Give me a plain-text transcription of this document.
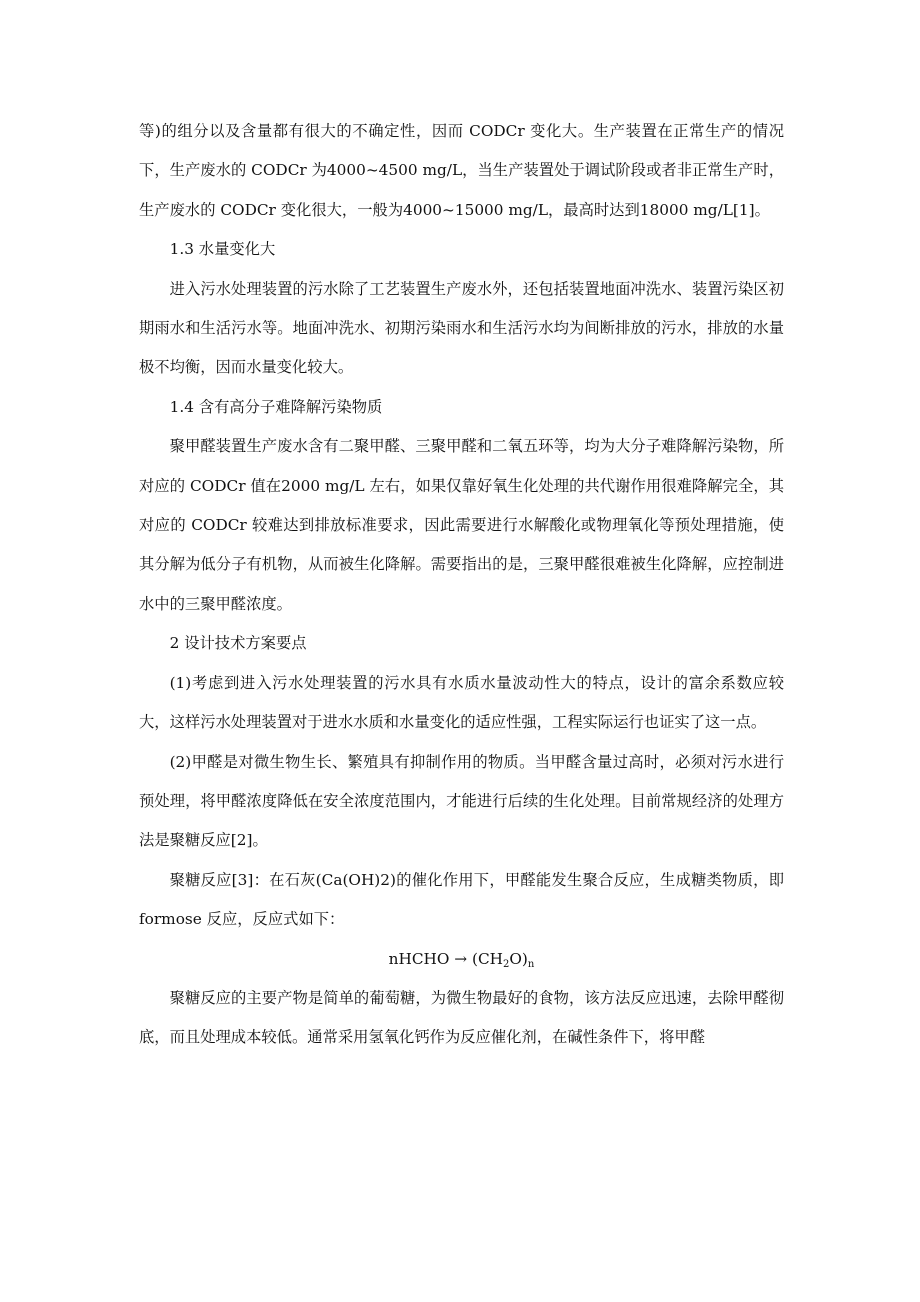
等)的组分以及含量都有很大的不确定性，因而 CODCr 变化大。生产装置在正常生产的情况下，生产废水的 CODCr 为4000~4500 mg/L，当生产装置处于调试阶段或者非正常生产时，生产废水的 CODCr 变化很大，一般为4000~15000 mg/L，最高时达到18000 mg/L[1]。

1.3 水量变化大

进入污水处理装置的污水除了工艺装置生产废水外，还包括装置地面冲洗水、装置污染区初期雨水和生活污水等。地面冲洗水、初期污染雨水和生活污水均为间断排放的污水，排放的水量极不均衡，因而水量变化较大。

1.4 含有高分子难降解污染物质

聚甲醛装置生产废水含有二聚甲醛、三聚甲醛和二氧五环等，均为大分子难降解污染物，所对应的 CODCr 值在2000 mg/L 左右，如果仅靠好氧生化处理的共代谢作用很难降解完全，其对应的 CODCr 较难达到排放标准要求，因此需要进行水解酸化或物理氧化等预处理措施，使其分解为低分子有机物，从而被生化降解。需要指出的是，三聚甲醛很难被生化降解，应控制进水中的三聚甲醛浓度。

2 设计技术方案要点

(1)考虑到进入污水处理装置的污水具有水质水量波动性大的特点，设计的富余系数应较大，这样污水处理装置对于进水水质和水量变化的适应性强，工程实际运行也证实了这一点。

(2)甲醛是对微生物生长、繁殖具有抑制作用的物质。当甲醛含量过高时，必须对污水进行预处理，将甲醛浓度降低在安全浓度范围内，才能进行后续的生化处理。目前常规经济的处理方法是聚糖反应[2]。

聚糖反应[3]：在石灰(Ca(OH)2)的催化作用下，甲醛能发生聚合反应，生成糖类物质，即 formose 反应，反应式如下：

nHCHO → $(CH_2O)_n$

聚糖反应的主要产物是简单的葡萄糖，为微生物最好的食物，该方法反应迅速，去除甲醛彻底，而且处理成本较低。通常采用氢氧化钙作为反应催化剂，在碱性条件下，将甲醛
